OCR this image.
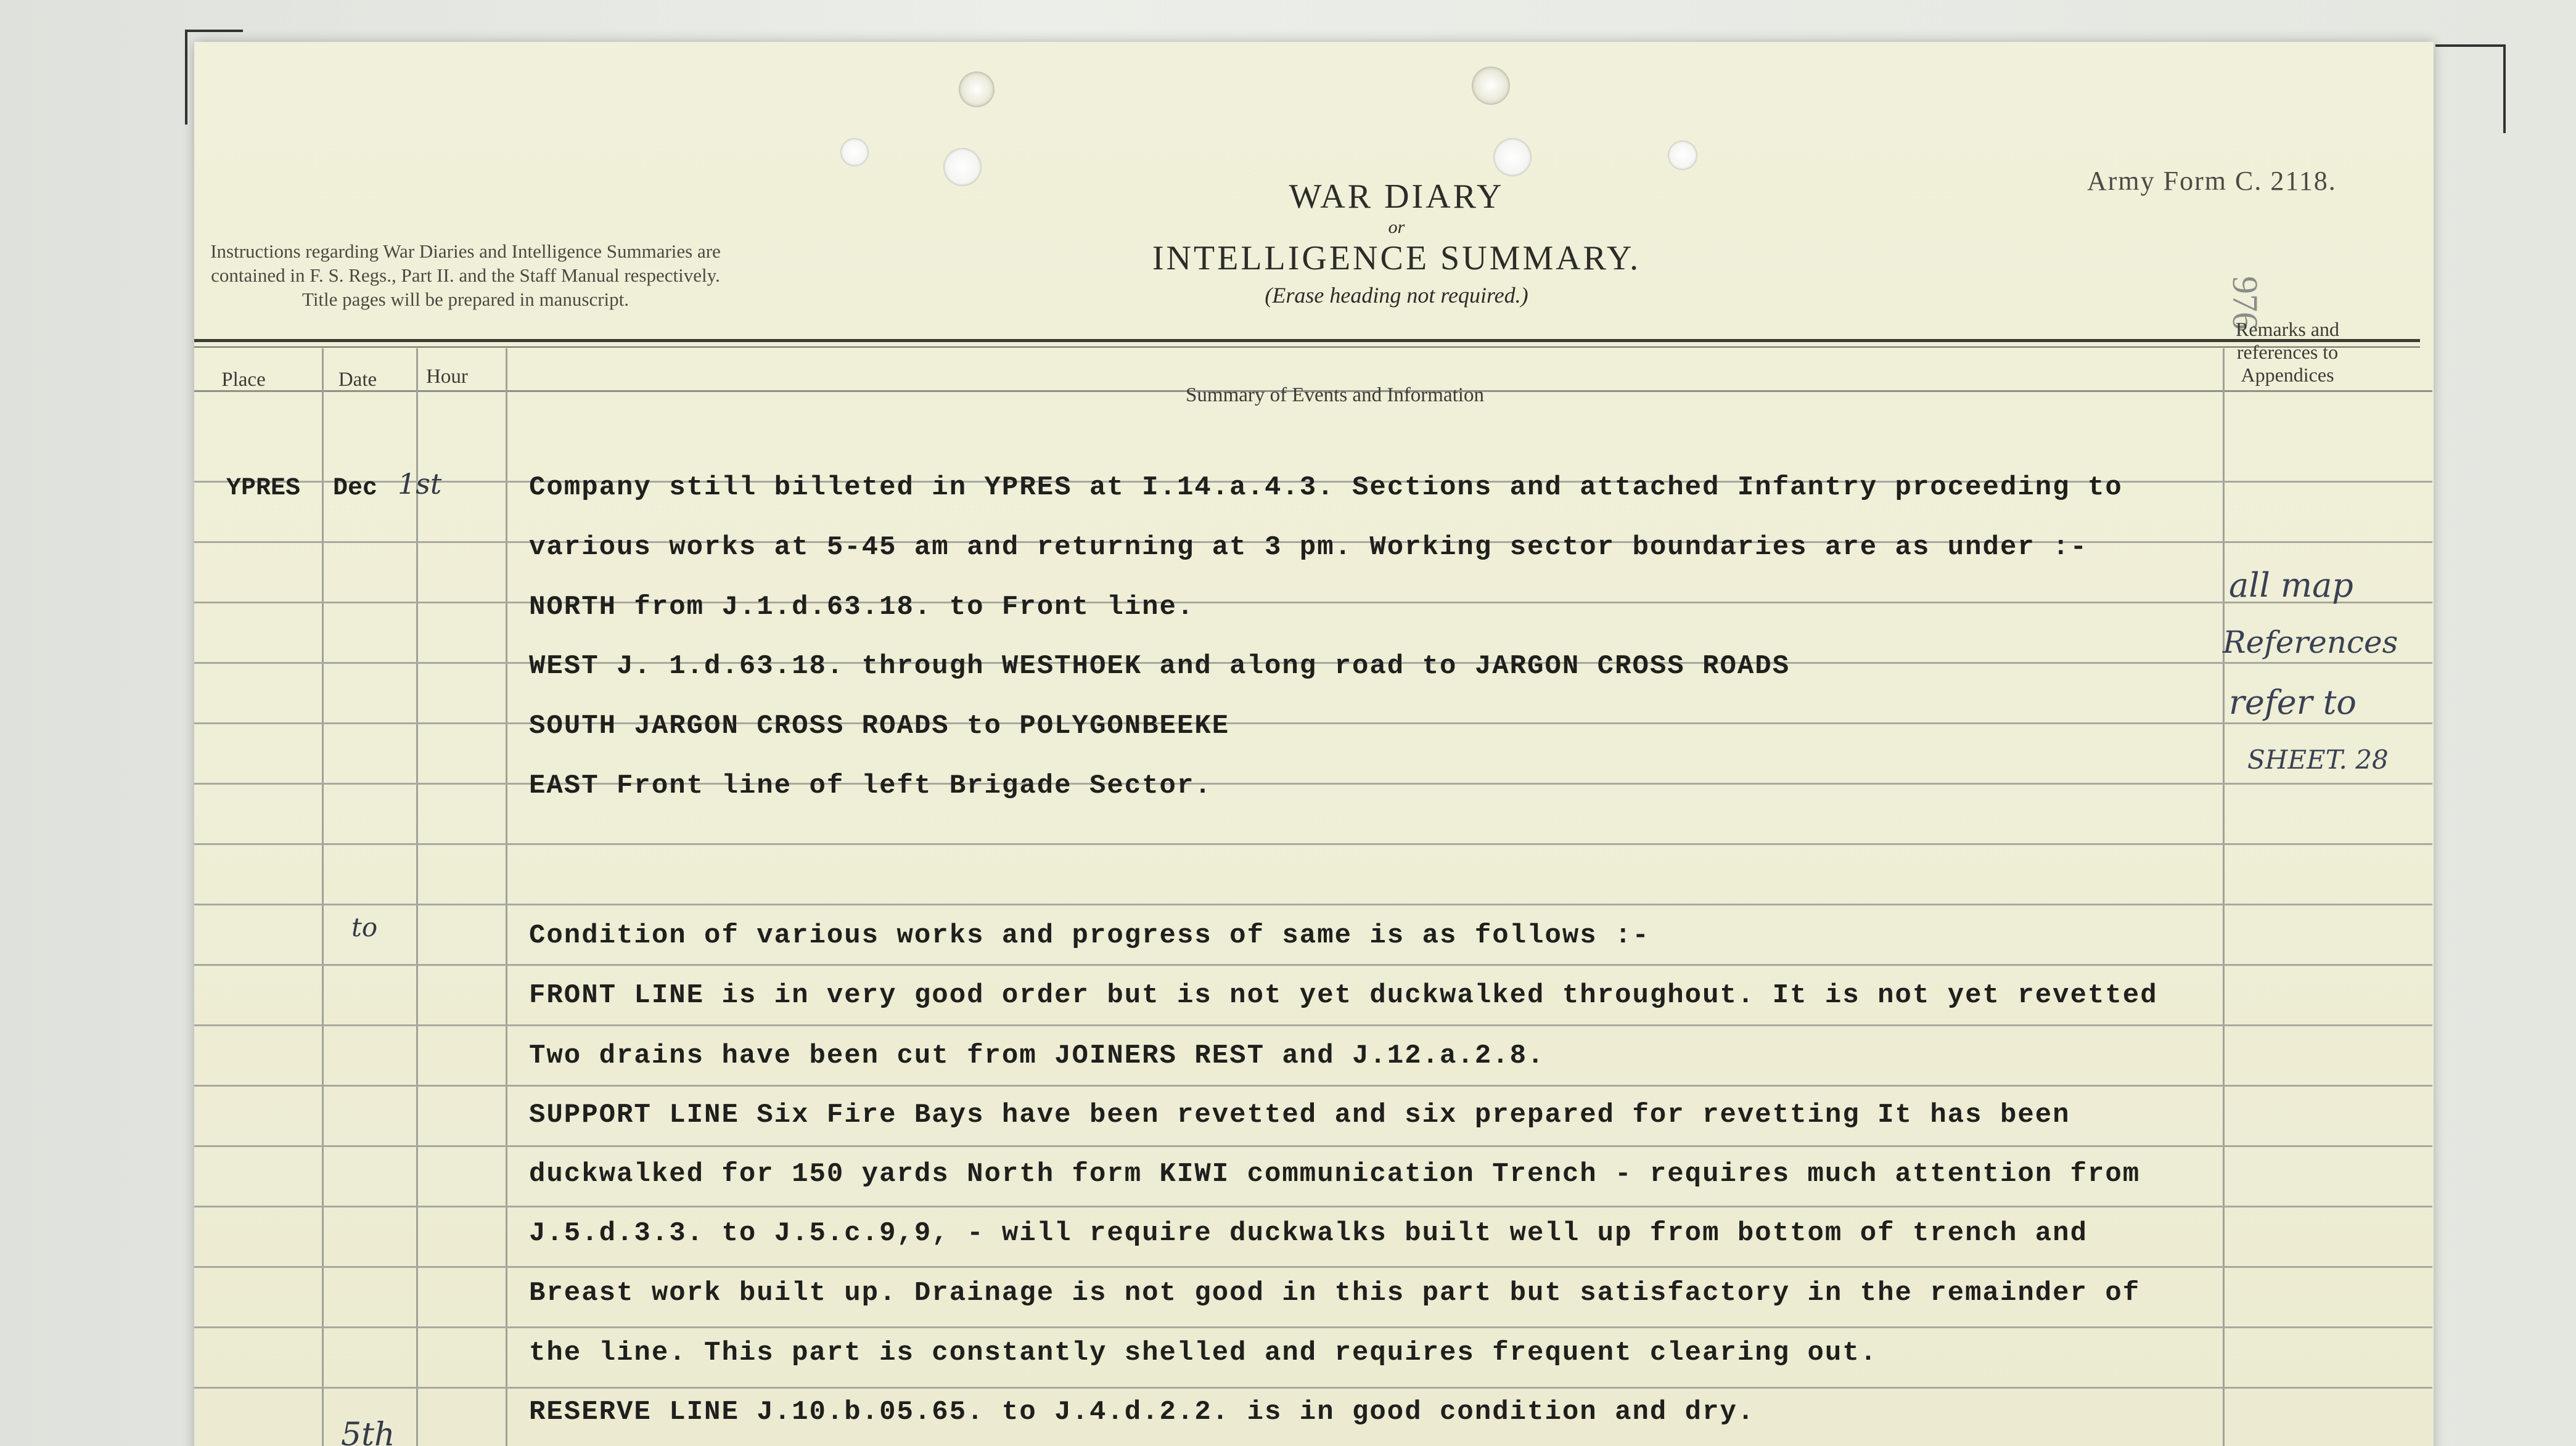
Instructions regarding War Diaries and Intelligence Summaries are contained in F. S. Regs., Part II. and the Staff Manual respectively. Title pages will be prepared in manuscript.
WAR DIARY
or
INTELLIGENCE SUMMARY.
(Erase heading not required.)
Army Form C. 2118.
976
Place	Date	Hour
Summary of Events and Information
Remarks and references to Appendices
YPRES Dec 1st
to
5th
Company still billeted in YPRES at I.14.a.4.3. Sections and attached Infantry proceeding to
various works at 5-45 am and returning at 3 pm. Working sector boundaries are as under :-
NORTH from J.1.d.63.18. to Front line.
WEST J. 1.d.63.18. through WESTHOEK and along road to JARGON CROSS ROADS
SOUTH JARGON CROSS ROADS to POLYGONBEEKE
EAST Front line of left Brigade Sector.
Condition of various works and progress of same is as follows :-
FRONT LINE is in very good order but is not yet duckwalked throughout. It is not yet revetted
Two drains have been cut from JOINERS REST and J.12.a.2.8.
SUPPORT LINE Six Fire Bays have been revetted and six prepared for revetting It has been
duckwalked for 150 yards North form KIWI communication Trench - requires much attention from
J.5.d.3.3. to J.5.c.9,9, - will require duckwalks built well up from bottom of trench and
Breast work built up. Drainage is not good in this part but satisfactory in the remainder of
the line. This part is constantly shelled and requires frequent clearing out.
RESERVE LINE J.10.b.05.65. to J.4.d.2.2. is in good condition and dry.
all map
References
refer to
SHEET. 28
